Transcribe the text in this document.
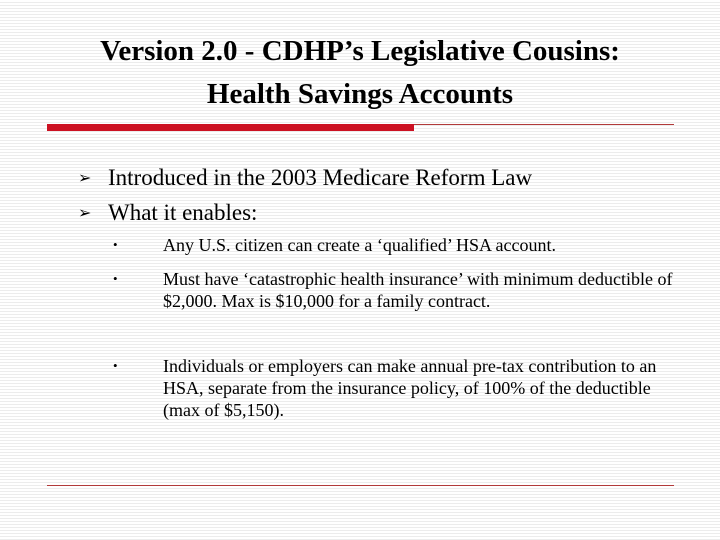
Version 2.0 - CDHP’s Legislative Cousins:
Health Savings Accounts
➢ Introduced in the 2003 Medicare Reform Law
➢ What it enables:
•	Any U.S. citizen can create a ‘qualified’ HSA account.
•	Must have ‘catastrophic health insurance’ with minimum deductible of $2,000. Max is $10,000 for a family contract.
•	Individuals or employers can make annual pre-tax contribution to an HSA, separate from the insurance policy, of 100% of the deductible (max of $5,150).
